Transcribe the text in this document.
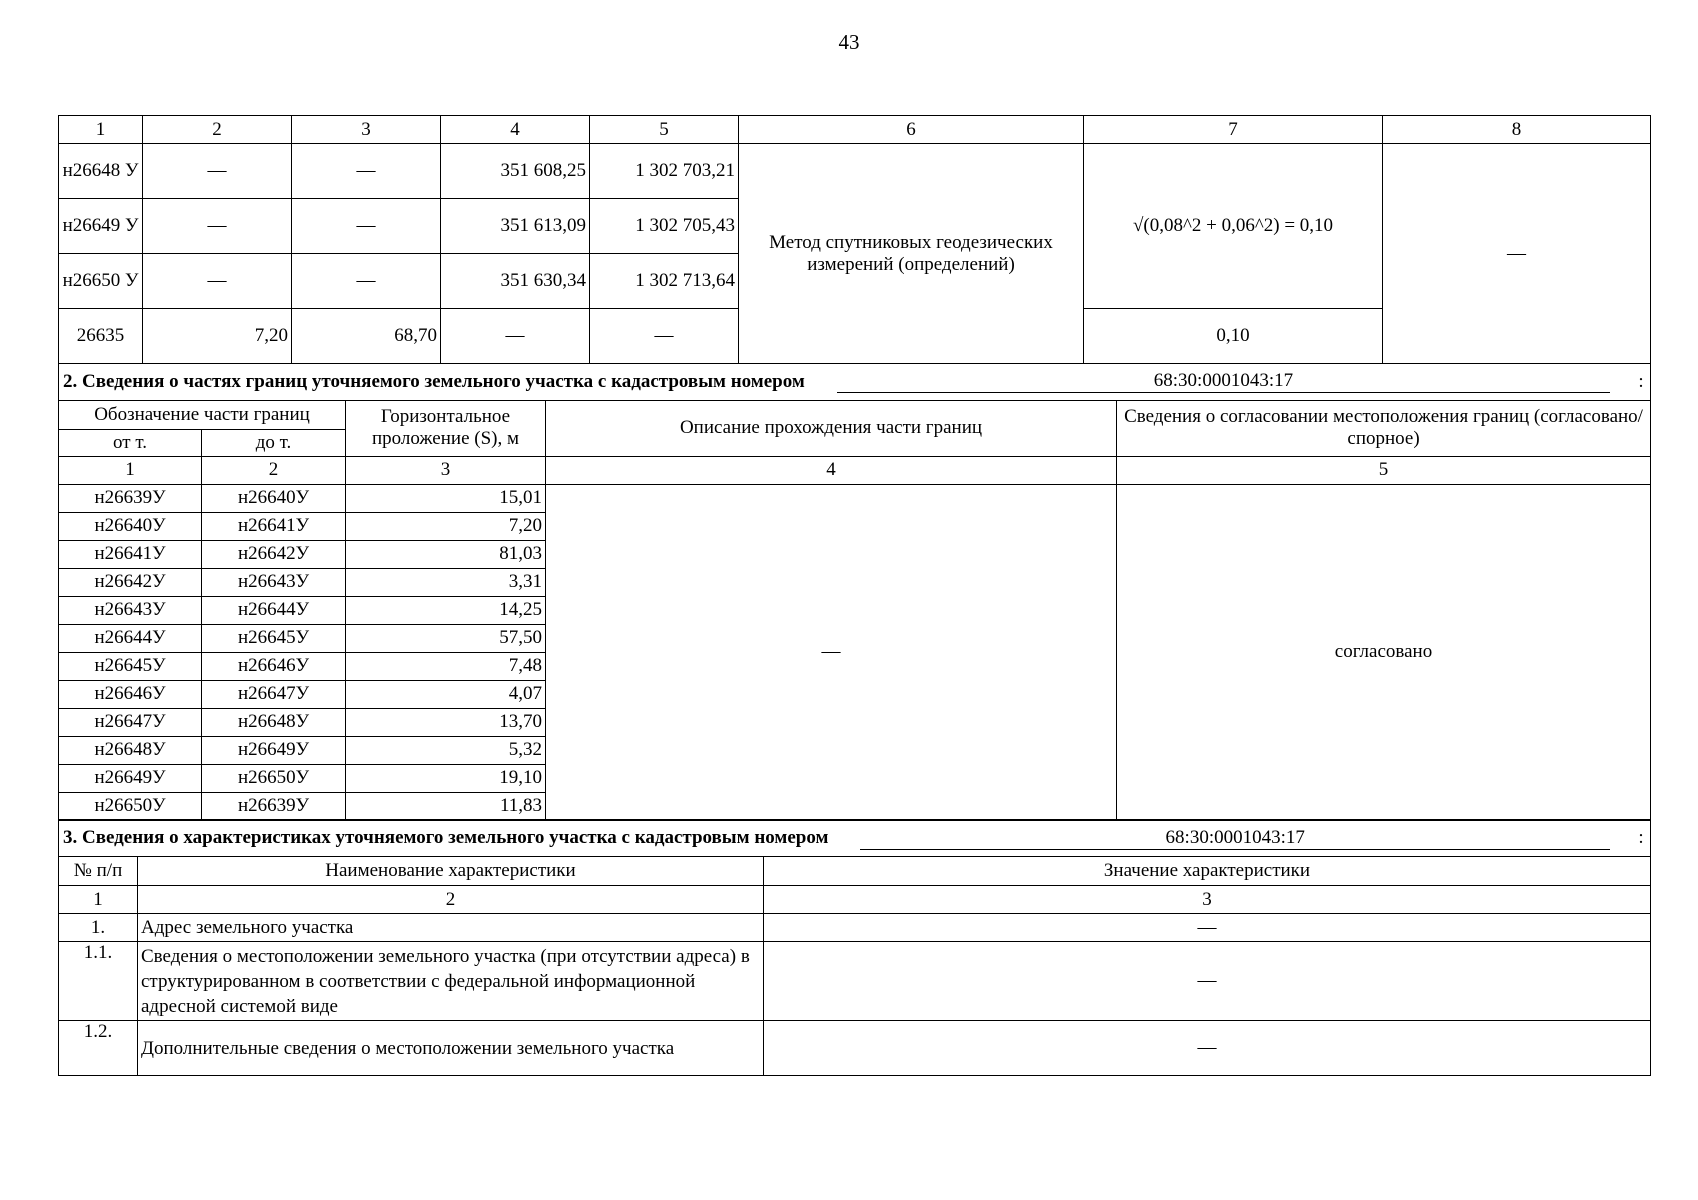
43
1	2	3	4	5	6	7	8
н26648 У	—	—	351 608,25	1 302 703,21	Метод спутниковых геодезических измерений (определений)	√(0,08^2 + 0,06^2) = 0,10	—
н26649 У	—	—	351 613,09	1 302 705,43			
н26650 У	—	—	351 630,34	1 302 713,64			
26635	7,20	68,70	—	—		0,10	
2. Сведения о частях границ уточняемого земельного участка с кадастровым номером 68:30:0001043:17 :				

Обозначение части границ		Горизонтальное проложение (S), м	Описание прохождения части границ	Сведения о согласовании местоположения границ (согласовано/спорное)
от т.	до т.			
1	2	3	4	5
н26639У	н26640У	15,01	—	согласовано
н26640У	н26641У	7,20		
н26641У	н26642У	81,03		
н26642У	н26643У	3,31		
н26643У	н26644У	14,25		
н26644У	н26645У	57,50		
н26645У	н26646У	7,48		
н26646У	н26647У	4,07		
н26647У	н26648У	13,70		
н26648У	н26649У	5,32		
н26649У	н26650У	19,10		
н26650У	н26639У	11,83		
3. Сведения о характеристиках уточняемого земельного участка с кадастровым номером 68:30:0001043:17 :		

№ п/п	Наименование характеристики	Значение характеристики
1	2	3
1.	Адрес земельного участка	—
1.1.	Сведения о местоположении земельного участка (при отсутствии адреса) в структурированном в соответствии с федеральной информационной адресной системой виде	—
1.2.	Дополнительные сведения о местоположении земельного участка	—
